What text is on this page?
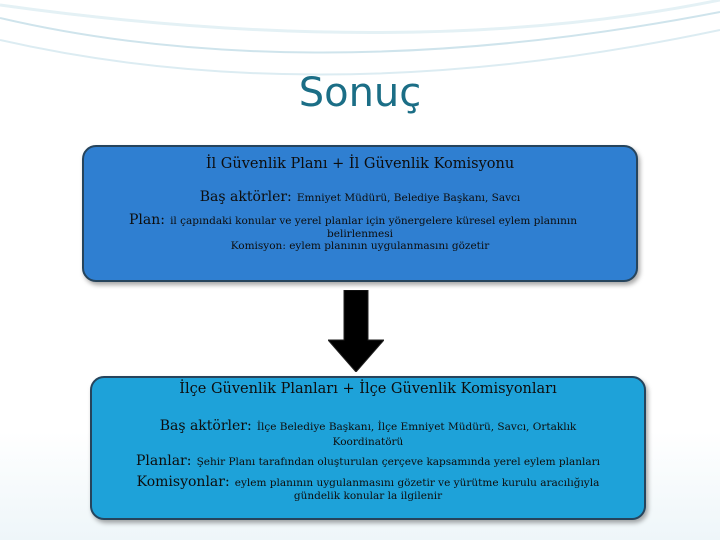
Sonuç
İl Güvenlik Planı + İl Güvenlik Komisyonu
Baş aktörler: Emniyet Müdürü, Belediye Başkanı, Savcı
Plan: il çapındaki konular ve yerel planlar için yönergelere küresel eylem planının
belirlenmesi
Komisyon: eylem planının uygulanmasını gözetir
İlçe Güvenlik Planları + İlçe Güvenlik Komisyonları
Baş aktörler: İlçe Belediye Başkanı, İlçe Emniyet Müdürü, Savcı, Ortaklık
Koordinatörü
Planlar: Şehir Planı tarafından oluşturulan çerçeve kapsamında yerel eylem planları
Komisyonlar: eylem planının uygulanmasını gözetir ve yürütme kurulu aracılığıyla
gündelik konular la ilgilenir
